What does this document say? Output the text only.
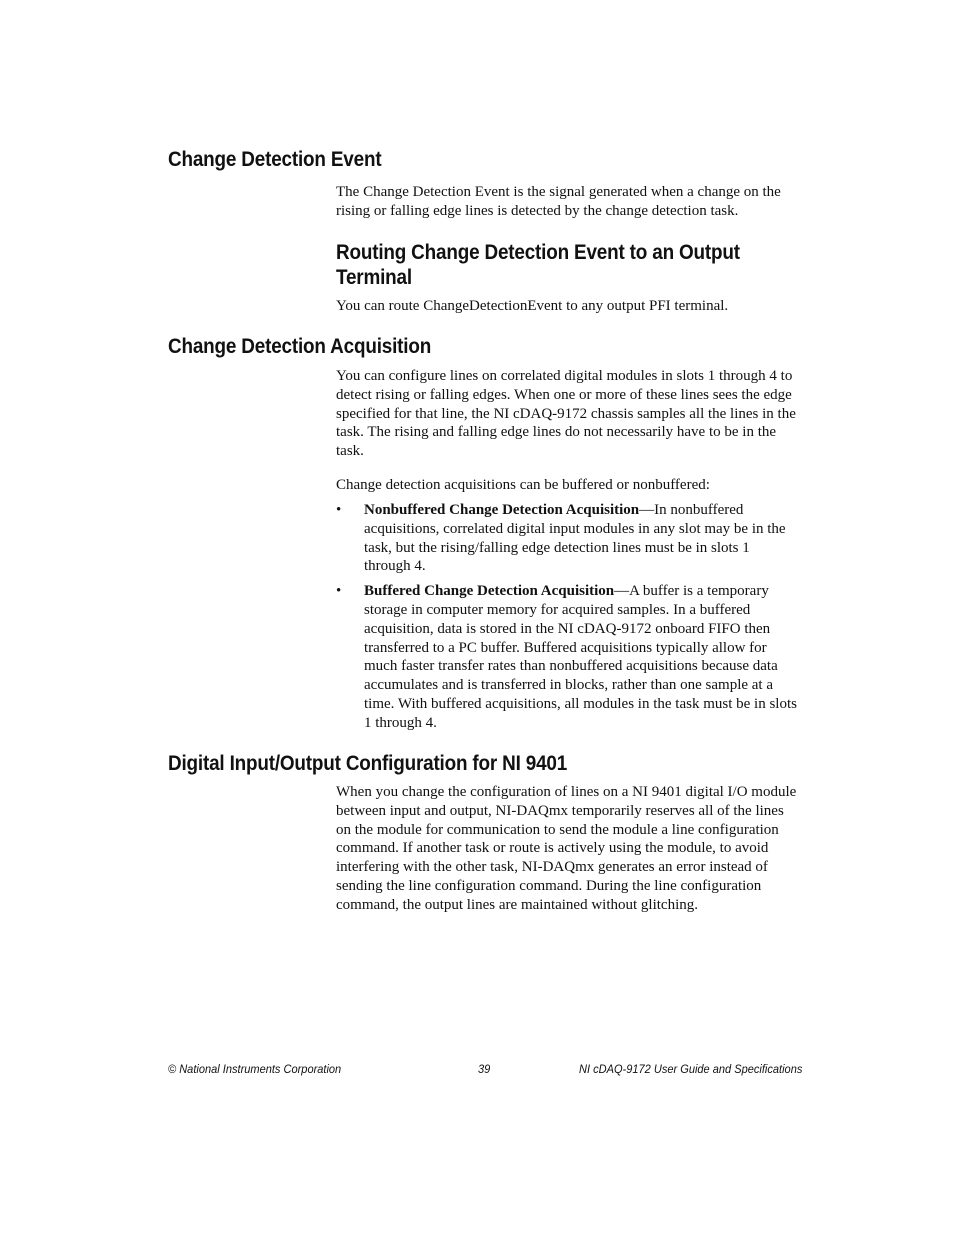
Change Detection Event

The Change Detection Event is the signal generated when a change on the rising or falling edge lines is detected by the change detection task.

Routing Change Detection Event to an Output Terminal

You can route ChangeDetectionEvent to any output PFI terminal.

Change Detection Acquisition

You can configure lines on correlated digital modules in slots 1 through 4 to detect rising or falling edges. When one or more of these lines sees the edge specified for that line, the NI cDAQ-9172 chassis samples all the lines in the task. The rising and falling edge lines do not necessarily have to be in the task.

Change detection acquisitions can be buffered or nonbuffered:

• Nonbuffered Change Detection Acquisition—In nonbuffered acquisitions, correlated digital input modules in any slot may be in the task, but the rising/falling edge detection lines must be in slots 1 through 4.
• Buffered Change Detection Acquisition—A buffer is a temporary storage in computer memory for acquired samples. In a buffered acquisition, data is stored in the NI cDAQ-9172 onboard FIFO then transferred to a PC buffer. Buffered acquisitions typically allow for much faster transfer rates than nonbuffered acquisitions because data accumulates and is transferred in blocks, rather than one sample at a time. With buffered acquisitions, all modules in the task must be in slots 1 through 4.
Digital Input/Output Configuration for NI 9401

When you change the configuration of lines on a NI 9401 digital I/O module between input and output, NI-DAQmx temporarily reserves all of the lines on the module for communication to send the module a line configuration command. If another task or route is actively using the module, to avoid interfering with the other task, NI-DAQmx generates an error instead of sending the line configuration command. During the line configuration command, the output lines are maintained without glitching.

© National Instruments Corporation	39	NI cDAQ-9172 User Guide and Specifications
